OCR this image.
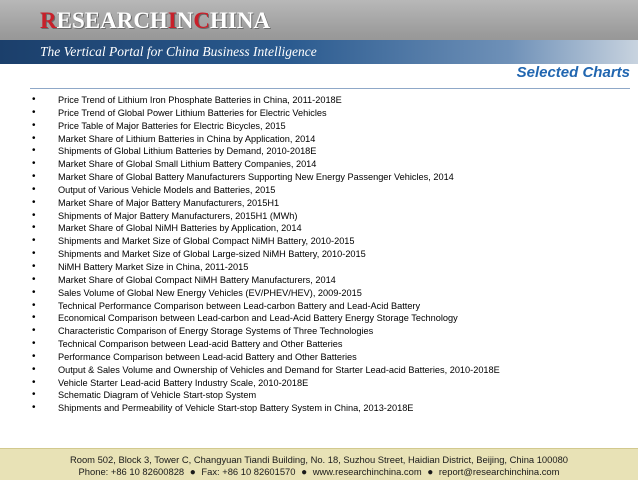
RESEARCHINCHINA
The Vertical Portal for China Business Intelligence
Selected Charts
• Price Trend of Lithium Iron Phosphate Batteries in China, 2011-2018E
• Price Trend of Global Power Lithium Batteries for Electric Vehicles
• Price Table of Major Batteries for Electric Bicycles, 2015
• Market Share of Lithium Batteries in China by Application, 2014
• Shipments of Global Lithium Batteries by Demand, 2010-2018E
• Market Share of Global Small Lithium Battery Companies, 2014
• Market Share of Global Battery Manufacturers Supporting New Energy Passenger Vehicles, 2014
• Output of Various Vehicle Models and Batteries, 2015
• Market Share of Major Battery Manufacturers, 2015H1
• Shipments of Major Battery Manufacturers, 2015H1 (MWh)
• Market Share of Global NiMH Batteries by Application, 2014
• Shipments and Market Size of Global Compact NiMH Battery, 2010-2015
• Shipments and Market Size of Global Large-sized NiMH Battery, 2010-2015
• NiMH Battery Market Size in China, 2011-2015
• Market Share of Global Compact NiMH Battery Manufacturers, 2014
• Sales Volume of Global New Energy Vehicles (EV/PHEV/HEV), 2009-2015
• Technical Performance Comparison between Lead-carbon Battery and Lead-Acid Battery
• Economical Comparison between Lead-carbon and Lead-Acid Battery Energy Storage Technology
• Characteristic Comparison of Energy Storage Systems of Three Technologies
• Technical Comparison between Lead-acid Battery and Other Batteries
• Performance Comparison between Lead-acid Battery and Other Batteries
• Output & Sales Volume and Ownership of Vehicles and Demand for Starter Lead-acid Batteries, 2010-2018E
• Vehicle Starter Lead-acid Battery Industry Scale, 2010-2018E
• Schematic Diagram of Vehicle Start-stop System
• Shipments and Permeability of Vehicle Start-stop Battery System in China, 2013-2018E
Room 502, Block 3, Tower C, Changyuan Tiandi Building, No. 18, Suzhou Street, Haidian District, Beijing, China 100080
Phone: +86 10 82600828 ● Fax: +86 10 82601570 ● www.researchinchina.com ● report@researchinchina.com
